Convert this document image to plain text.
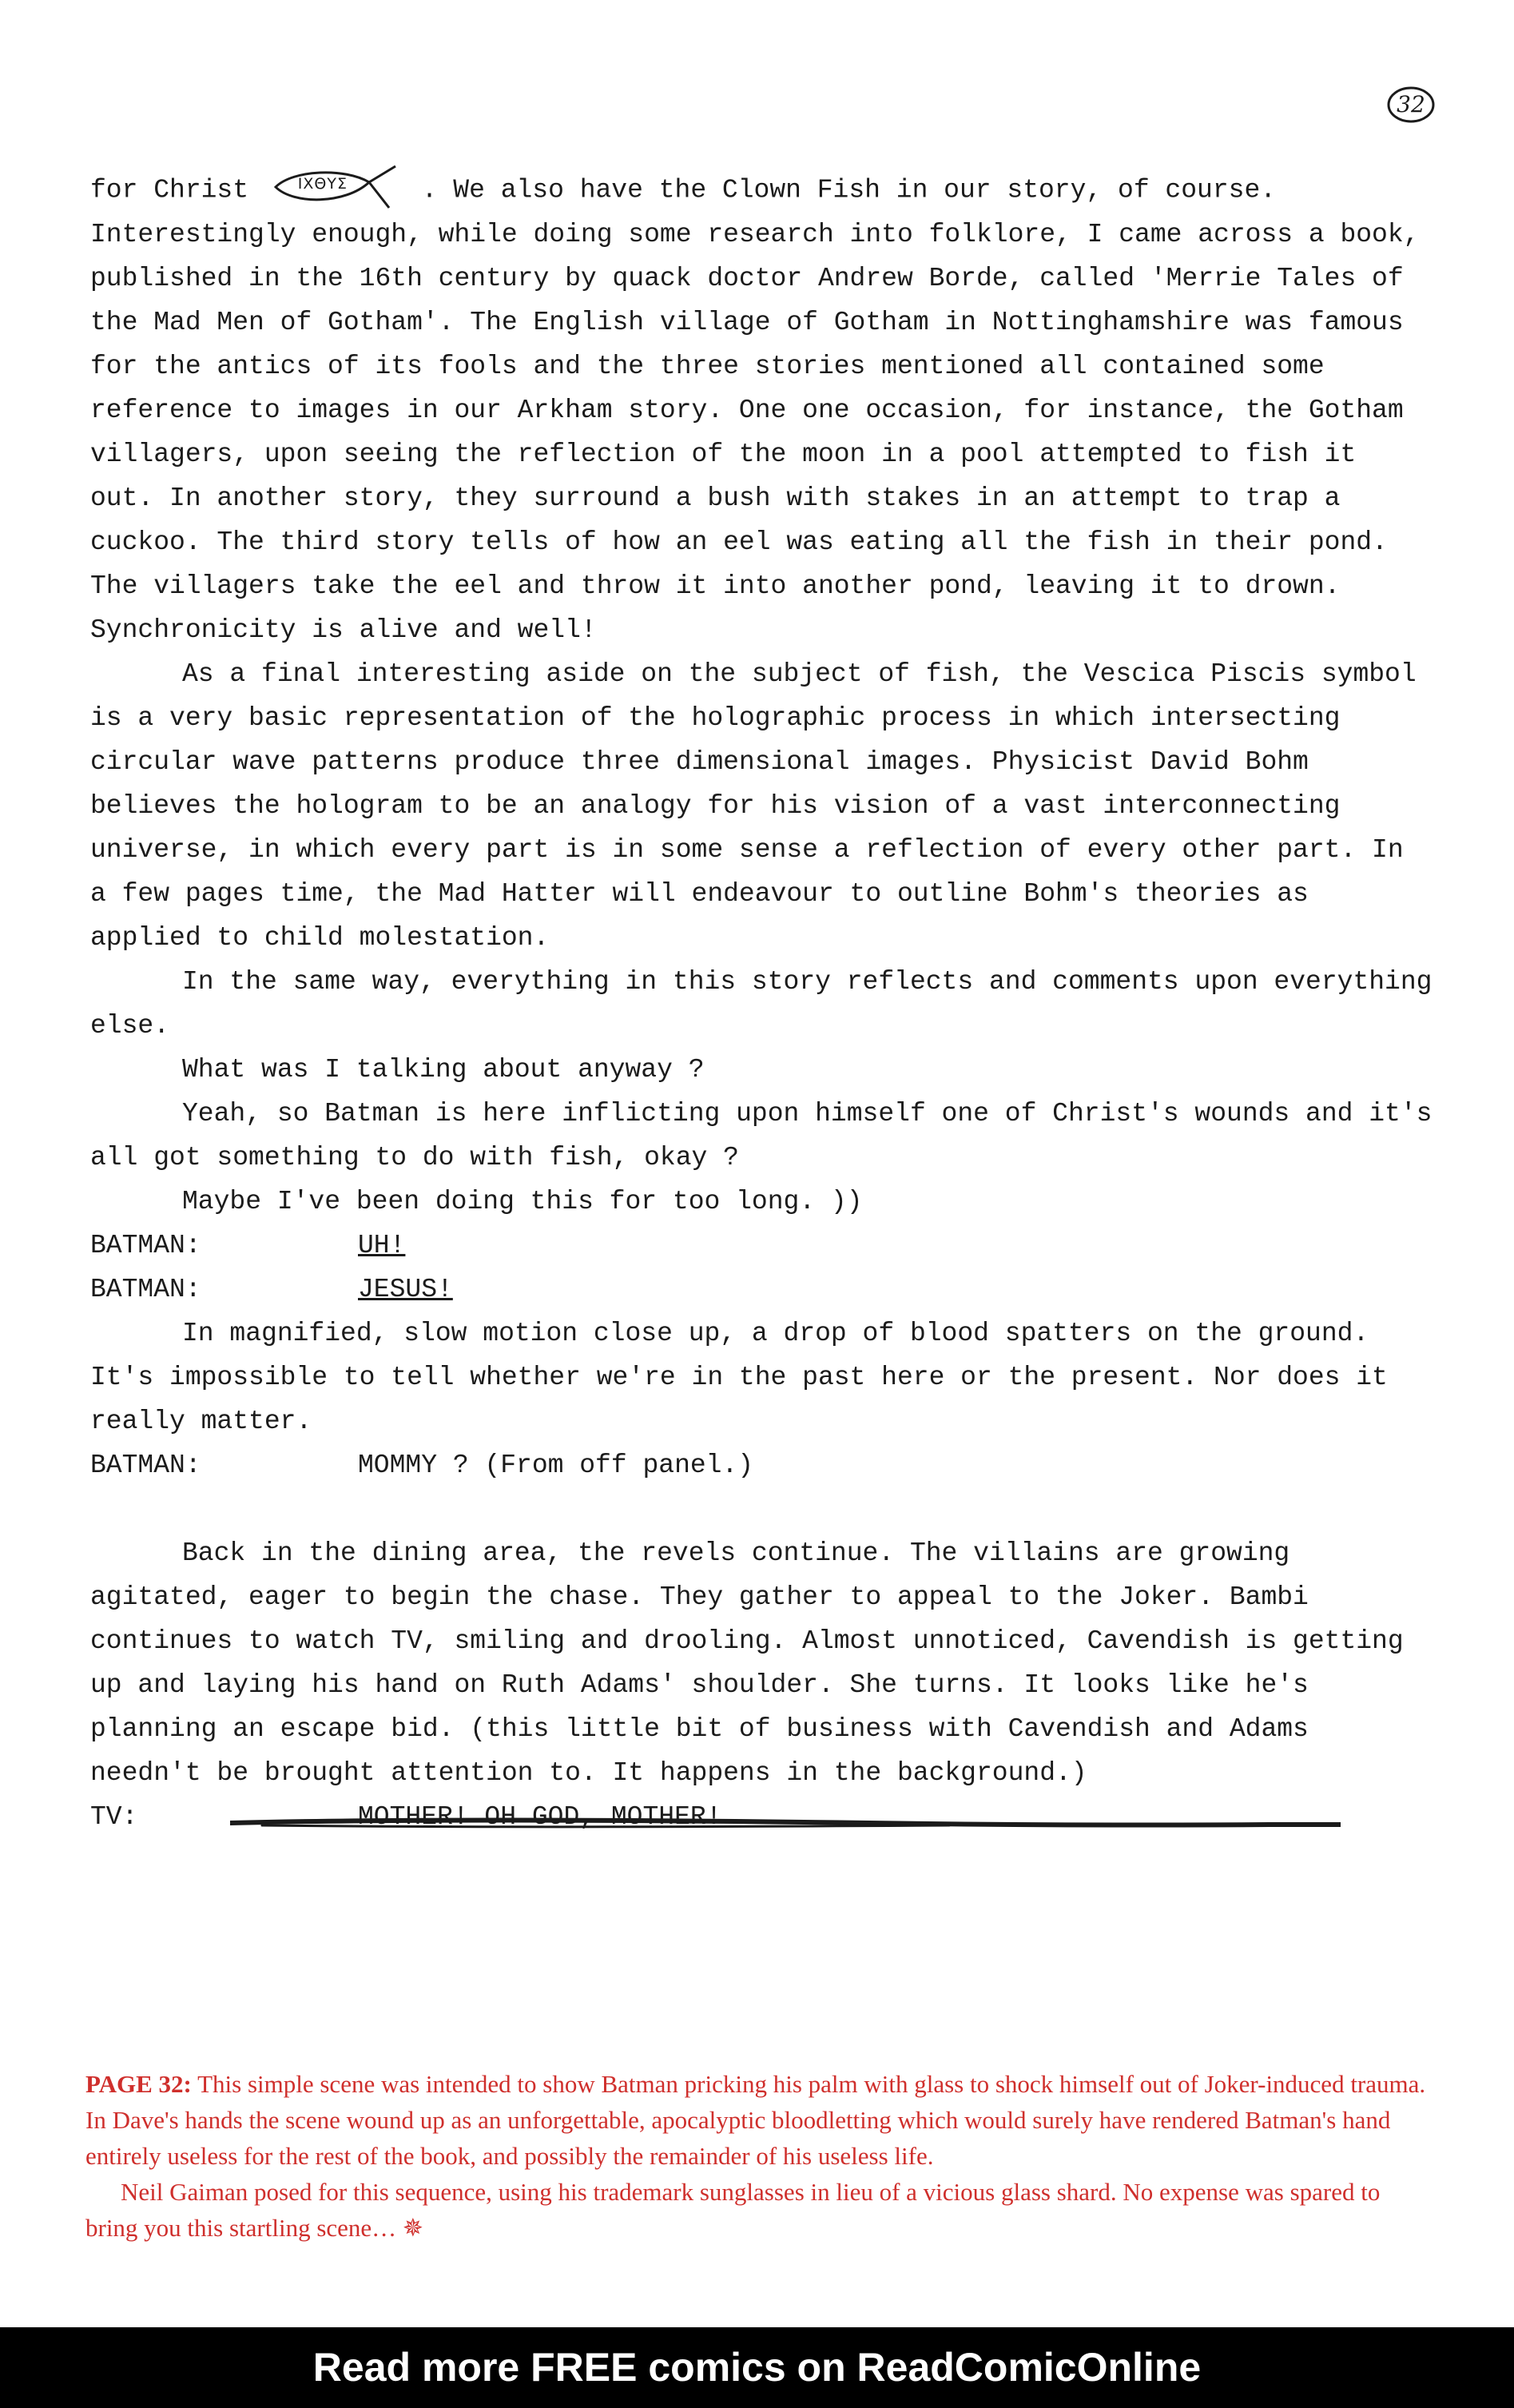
32

for Christ	IXΘYΣ	. We also have the Clown Fish in our story, of course. Interestingly enough, while doing some research into folklore, I came across a book, published in the 16th century by quack doctor Andrew Borde, called 'Merrie Tales of the Mad Men of Gotham'. The English village of Gotham in Nottinghamshire was famous for the antics of its fools and the three stories mentioned all contained some reference to images in our Arkham story. One one occasion, for instance, the Gotham villagers, upon seeing the reflection of the moon in a pool attempted to fish it out. In another story, they surround a bush with stakes in an attempt to trap a cuckoo. The third story tells of how an eel was eating all the fish in their pond. The villagers take the eel and throw it into another pond, leaving it to drown. Synchronicity is alive and well!

As a final interesting aside on the subject of fish, the Vescica Piscis symbol is a very basic representation of the holographic process in which intersecting circular wave patterns produce three dimensional images. Physicist David Bohm believes the hologram to be an analogy for his vision of a vast interconnecting universe, in which every part is in some sense a reflection of every other part. In a few pages time, the Mad Hatter will endeavour to outline Bohm's theories as applied to child molestation.

In the same way, everything in this story reflects and comments upon everything else.

What was I talking about anyway ?

Yeah, so Batman is here inflicting upon himself one of Christ's wounds and it's all got something to do with fish, okay ?

Maybe I've been doing this for too long. ))

BATMAN:	UH!
BATMAN:	JESUS!

In magnified, slow motion close up, a drop of blood spatters on the ground. It's impossible to tell whether we're in the past here or the present. Nor does it really matter.

BATMAN:	MOMMY ? (From off panel.)

Back in the dining area, the revels continue. The villains are growing agitated, eager to begin the chase. They gather to appeal to the Joker. Bambi continues to watch TV, smiling and drooling. Almost unnoticed, Cavendish is getting up and laying his hand on Ruth Adams' shoulder. She turns. It looks like he's planning an escape bid. (this little bit of business with Cavendish and Adams needn't be brought attention to. It happens in the background.)

TV:	MOTHER! OH GOD, MOTHER!

PAGE 32: This simple scene was intended to show Batman pricking his palm with glass to shock himself out of Joker-induced trauma. In Dave's hands the scene wound up as an unforgettable, apocalyptic bloodletting which would surely have rendered Batman's hand entirely useless for the rest of the book, and possibly the remainder of his useless life.

Neil Gaiman posed for this sequence, using his trademark sunglasses in lieu of a vicious glass shard. No expense was spared to bring you this startling scene… ✵

Read more FREE comics on ReadComicOnline
